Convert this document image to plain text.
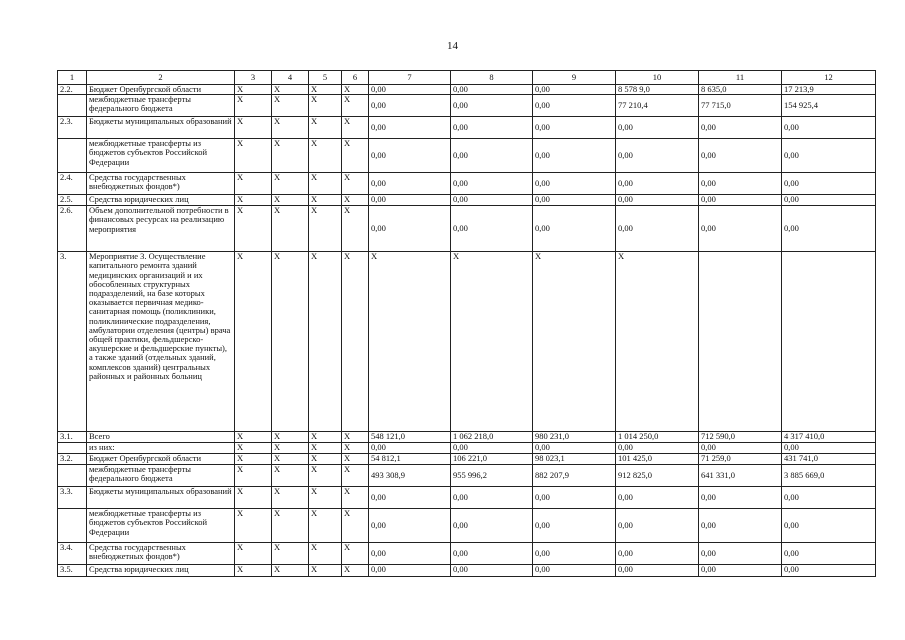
14
1	2	3	4	5	6	7	8	9	10	11	12
2.2.	Бюджет Оренбургской области	X	X	X	X	0,00	0,00	0,00	8 578 9,0	8 635,0	17 213,9
	межбюджетные трансферты федерального бюджета	X	X	X	X	0,00	0,00	0,00	77 210,4	77 715,0	154 925,4
2.3.	Бюджеты муниципальных образований	X	X	X	X	0,00	0,00	0,00	0,00	0,00	0,00
	межбюджетные трансферты из бюджетов субъектов Российской Федерации	X	X	X	X	0,00	0,00	0,00	0,00	0,00	0,00
2.4.	Средства государственных внебюджетных фондов*)	X	X	X	X	0,00	0,00	0,00	0,00	0,00	0,00
2.5.	Средства юридических лиц	X	X	X	X	0,00	0,00	0,00	0,00	0,00	0,00
2.6.	Объем дополнительной потребности в финансовых ресурсах на реализацию мероприятия	X	X	X	X	0,00	0,00	0,00	0,00	0,00	0,00
3.	Мероприятие 3. Осуществление капитального ремонта зданий медицинских организаций и их обособленных структурных подразделений, на базе которых оказывается первичная медико-санитарная помощь (поликлиники, поликлинические подразделения, амбулатории отделения (центры) врача общей практики, фельдшерско-акушерские и фельдшерские пункты), а также зданий (отдельных зданий, комплексов зданий) центральных районных и районных больниц	X	X	X	X	X	X	X	X		
3.1.	Всего	X	X	X	X	548 121,0	1 062 218,0	980 231,0	1 014 250,0	712 590,0	4 317 410,0
	из них:	X	X	X	X	0,00	0,00	0,00	0,00	0,00	0,00
3.2.	Бюджет Оренбургской области	X	X	X	X	54 812,1	106 221,0	98 023,1	101 425,0	71 259,0	431 741,0
	межбюджетные трансферты федерального бюджета	X	X	X	X	493 308,9	955 996,2	882 207,9	912 825,0	641 331,0	3 885 669,0
3.3.	Бюджеты муниципальных образований	X	X	X	X	0,00	0,00	0,00	0,00	0,00	0,00
	межбюджетные трансферты из бюджетов субъектов Российской Федерации	X	X	X	X	0,00	0,00	0,00	0,00	0,00	0,00
3.4.	Средства государственных внебюджетных фондов*)	X	X	X	X	0,00	0,00	0,00	0,00	0,00	0,00
3.5.	Средства юридических лиц	X	X	X	X	0,00	0,00	0,00	0,00	0,00	0,00
